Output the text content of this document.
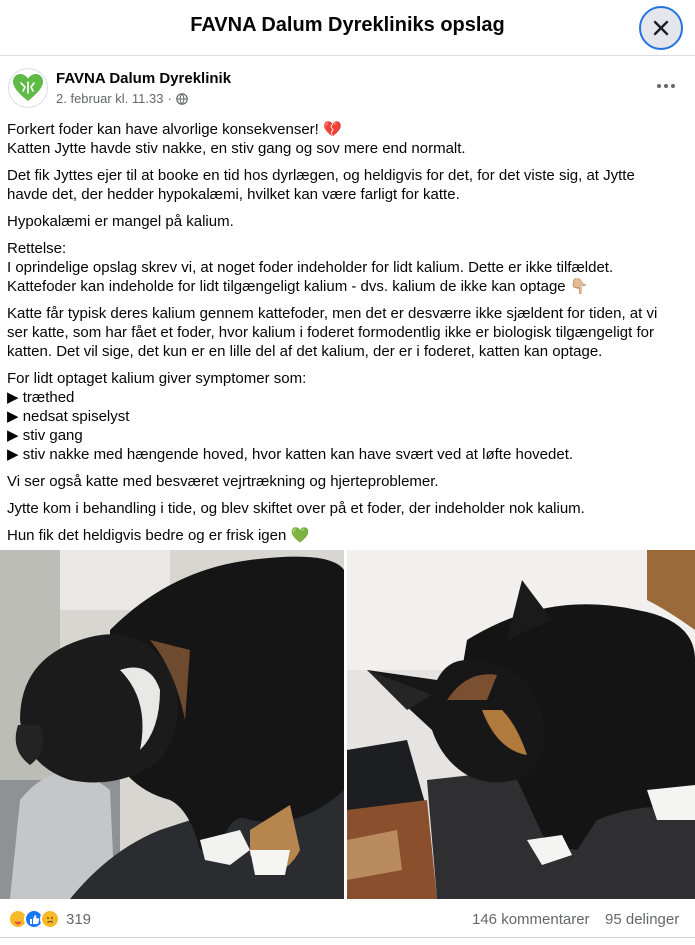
FAVNA Dalum Dyrekliniks opslag
FAVNA Dalum Dyreklinik
2. februar kl. 11.33 ·

Forkert foder kan have alvorlige konsekvenser! 💔
Katten Jytte havde stiv nakke, en stiv gang og sov mere end normalt.

Det fik Jyttes ejer til at booke en tid hos dyrlægen, og heldigvis for det, for det viste sig, at Jytte
havde det, der hedder hypokalæmi, hvilket kan være farligt for katte.

Hypokalæmi er mangel på kalium.

Rettelse:
I oprindelige opslag skrev vi, at noget foder indeholder for lidt kalium. Dette er ikke tilfældet.
Kattefoder kan indeholde for lidt tilgængeligt kalium - dvs. kalium de ikke kan optage 👇🏼

Katte får typisk deres kalium gennem kattefoder, men det er desværre ikke sjældent for tiden, at vi
ser katte, som har fået et foder, hvor kalium i foderet formodentlig ikke er biologisk tilgængeligt for
katten. Det vil sige, det kun er en lille del af det kalium, der er i foderet, katten kan optage.

For lidt optaget kalium giver symptomer som:
▶ træthed
▶ nedsat spiselyst
▶ stiv gang
▶ stiv nakke med hængende hoved, hvor katten kan have svært ved at løfte hovedet.

Vi ser også katte med besværet vejrtrækning og hjerteproblemer.

Jytte kom i behandling i tide, og blev skiftet over på et foder, der indeholder nok kalium.

Hun fik det heldigvis bedre og er frisk igen 💚

319	146 kommentarer 95 delinger
